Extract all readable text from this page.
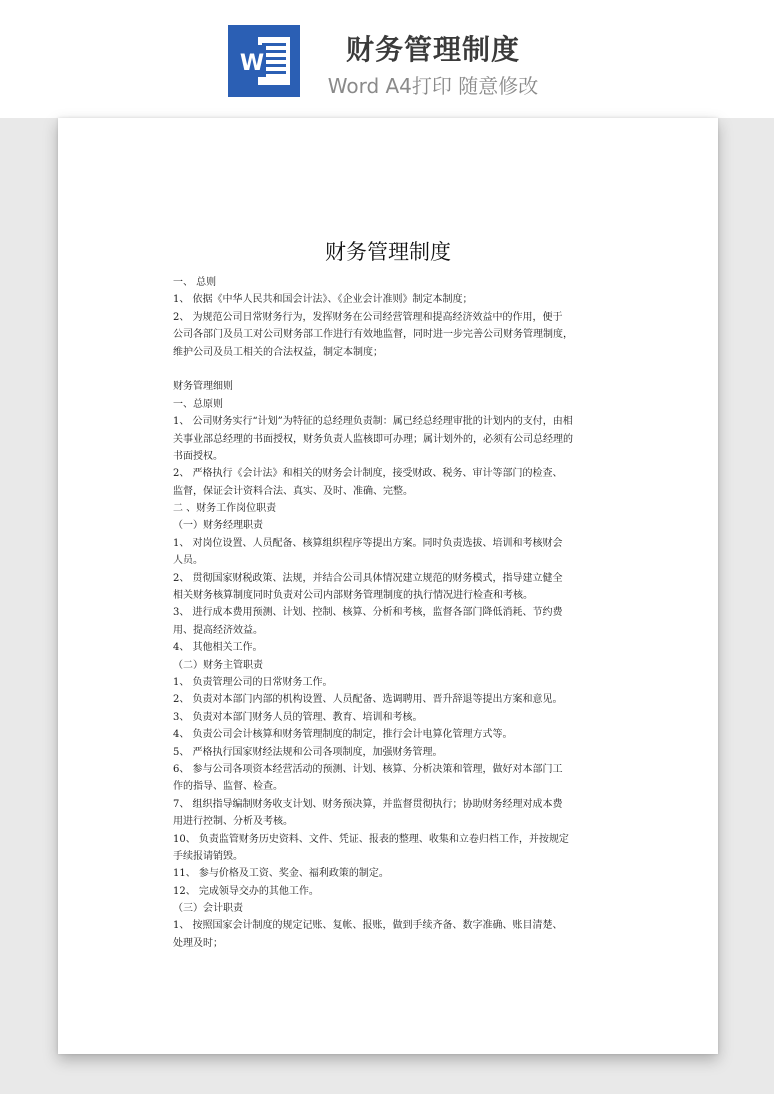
W	财务管理制度
Word A4打印 随意修改
财务管理制度
一、 总则
1、 依据《中华人民共和国会计法》、《企业会计准则》制定本制度；
2、 为规范公司日常财务行为，发挥财务在公司经营管理和提高经济效益中的作用，便于
公司各部门及员工对公司财务部工作进行有效地监督，同时进一步完善公司财务管理制度，
维护公司及员工相关的合法权益，制定本制度；
财务管理细则
一、总原则
1、 公司财务实行“计划”为特征的总经理负责制：属已经总经理审批的计划内的支付，由相
关事业部总经理的书面授权，财务负责人监核即可办理；属计划外的，必须有公司总经理的
书面授权。
2、 严格执行《会计法》和相关的财务会计制度，接受财政、税务、审计等部门的检查、
监督，保证会计资料合法、真实、及时、准确、完整。
二 、财务工作岗位职责
（一）财务经理职责
1、 对岗位设置、人员配备、核算组织程序等提出方案。同时负责选拔、培训和考核财会
人员。
2、 贯彻国家财税政策、法规，并结合公司具体情况建立规范的财务模式，指导建立健全
相关财务核算制度同时负责对公司内部财务管理制度的执行情况进行检查和考核。
3、 进行成本费用预测、计划、控制、核算、分析和考核，监督各部门降低消耗、节约费
用、提高经济效益。
4、 其他相关工作。
（二）财务主管职责
1、 负责管理公司的日常财务工作。
2、 负责对本部门内部的机构设置、人员配备、选调聘用、晋升辞退等提出方案和意见。
3、 负责对本部门财务人员的管理、教育、培训和考核。
4、 负责公司会计核算和财务管理制度的制定，推行会计电算化管理方式等。
5、 严格执行国家财经法规和公司各项制度，加强财务管理。
6、 参与公司各项资本经营活动的预测、计划、核算、分析决策和管理，做好对本部门工
作的指导、监督、检查。
7、 组织指导编制财务收支计划、财务预决算，并监督贯彻执行；协助财务经理对成本费
用进行控制、分析及考核。
10、 负责监管财务历史资料、文件、凭证、报表的整理、收集和立卷归档工作，并按规定
手续报请销毁。
11、 参与价格及工资、奖金、福利政策的制定。
12、 完成领导交办的其他工作。
（三）会计职责
1、 按照国家会计制度的规定记账、复帐、报账，做到手续齐备、数字准确、账目清楚、
处理及时；
